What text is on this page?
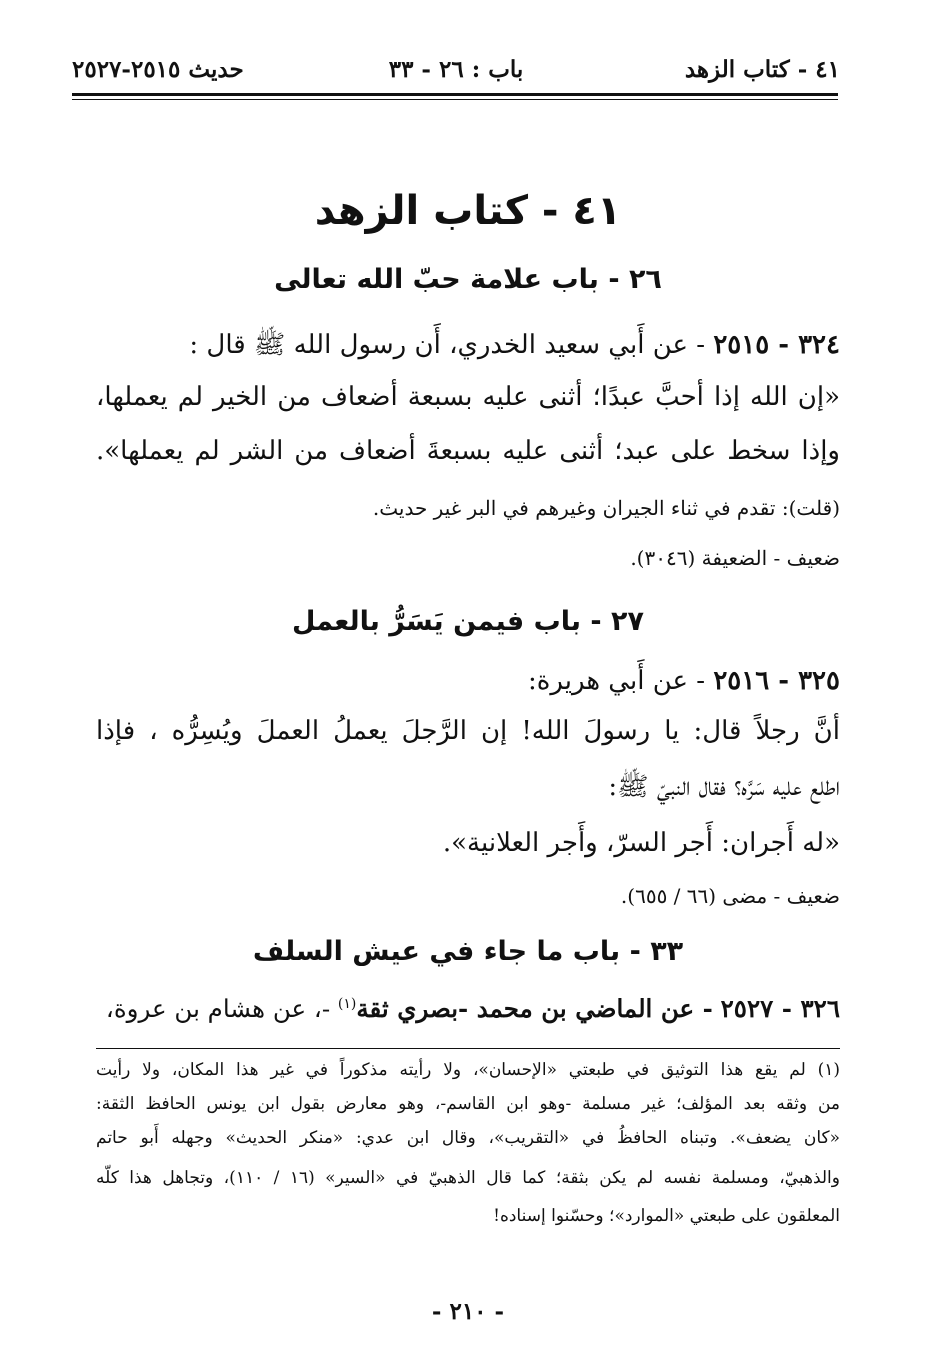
٤١ - كتاب الزهد
باب : ٢٦ - ٣٣
حديث ٢٥١٥-٢٥٢٧
٤١ - كتاب الزهد
٢٦ - باب علامة حبّ الله تعالى
٣٢٤ - ٢٥١٥ - عن أَبي سعيد الخدري، أَن رسول الله ﷺ قال :
«إن الله إذا أحبَّ عبدًا؛ أثنى عليه بسبعة أضعاف من الخير لم يعملها،
وإذا سخط على عبد؛ أثنى عليه بسبعةَ أضعاف من الشر لم يعملها».
(قلت): تقدم في ثناء الجيران وغيرهم في البر غير حديث.
ضعيف - الضعيفة (٣٠٤٦).
٢٧ - باب فيمن يَسَرُّ بالعمل
٣٢٥ - ٢٥١٦ - عن أَبي هريرة:
أنَّ رجلاً قال: يا رسولَ الله! إن الرَّجلَ يعملُ العملَ ويُسِرُّه ، فإذا
اطلع عليه سَرَّه؟ فقال النبيّ ﷺ:
«له أَجران: أَجر السرّ، وأَجر العلانية».
ضعيف - مضى (٦٦ / ٦٥٥).
٣٣ - باب ما جاء في عيش السلف
٣٢٦ - ٢٥٢٧ - عن الماضي بن محمد -بصري ثقة$^{(١)}$ -، عن هشام بن عروة،
(١) لم يقع هذا التوثيق في طبعتي «الإحسان»، ولا رأيته مذكوراً في غير هذا المكان، ولا رأيت
من وثقه بعد المؤلف؛ غير مسلمة -وهو ابن القاسم-، وهو معارض بقول ابن يونس الحافظ الثقة:
«كان يضعف». وتبناه الحافظُ في «التقريب»، وقال ابن عدي: «منكر الحديث» وجهله أَبو حاتم
والذهبيّ، ومسلمة نفسه لم يكن بثقة؛ كما قال الذهبيّ في «السير» (١٦ / ١١٠)، وتجاهل هذا كلّه
المعلقون على طبعتي «الموارد»؛ وحسّنوا إسناده!
- ٢١٠ -
